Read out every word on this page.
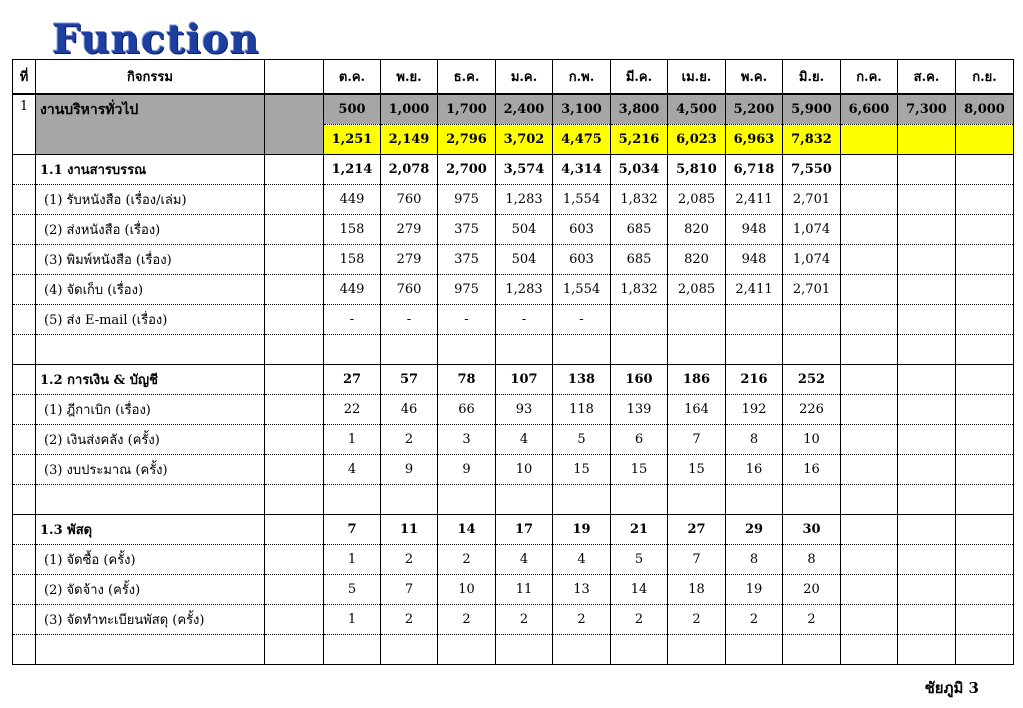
Function
ที่	กิจกรรม		ต.ค.	พ.ย.	ธ.ค.	ม.ค.	ก.พ.	มี.ค.	เม.ย.	พ.ค.	มิ.ย.	ก.ค.	ส.ค.	ก.ย.
1	งานบริหารทั่วไป		500	1,000	1,700	2,400	3,100	3,800	4,500	5,200	5,900	6,600	7,300	8,000
			1,251	2,149	2,796	3,702	4,475	5,216	6,023	6,963	7,832			
	1.1 งานสารบรรณ		1,214	2,078	2,700	3,574	4,314	5,034	5,810	6,718	7,550			
	(1) รับหนังสือ (เรื่อง/เล่ม)		449	760	975	1,283	1,554	1,832	2,085	2,411	2,701			
	(2) ส่งหนังสือ (เรื่อง)		158	279	375	504	603	685	820	948	1,074			
	(3) พิมพ์หนังสือ (เรื่อง)		158	279	375	504	603	685	820	948	1,074			
	(4) จัดเก็บ (เรื่อง)		449	760	975	1,283	1,554	1,832	2,085	2,411	2,701			
	(5) ส่ง E-mail (เรื่อง)		-	-	-	-	-							

	1.2 การเงิน & บัญชี		27	57	78	107	138	160	186	216	252			
	(1) ฎีกาเบิก (เรื่อง)		22	46	66	93	118	139	164	192	226			
	(2) เงินส่งคลัง (ครั้ง)		1	2	3	4	5	6	7	8	10			
	(3) งบประมาณ (ครั้ง)		4	9	9	10	15	15	15	16	16			

	1.3 พัสดุ		7	11	14	17	19	21	27	29	30			
	(1) จัดซื้อ (ครั้ง)		1	2	2	4	4	5	7	8	8			
	(2) จัดจ้าง (ครั้ง)		5	7	10	11	13	14	18	19	20			
	(3) จัดทำทะเบียนพัสดุ (ครั้ง)		1	2	2	2	2	2	2	2	2			

ชัยภูมิ 3
